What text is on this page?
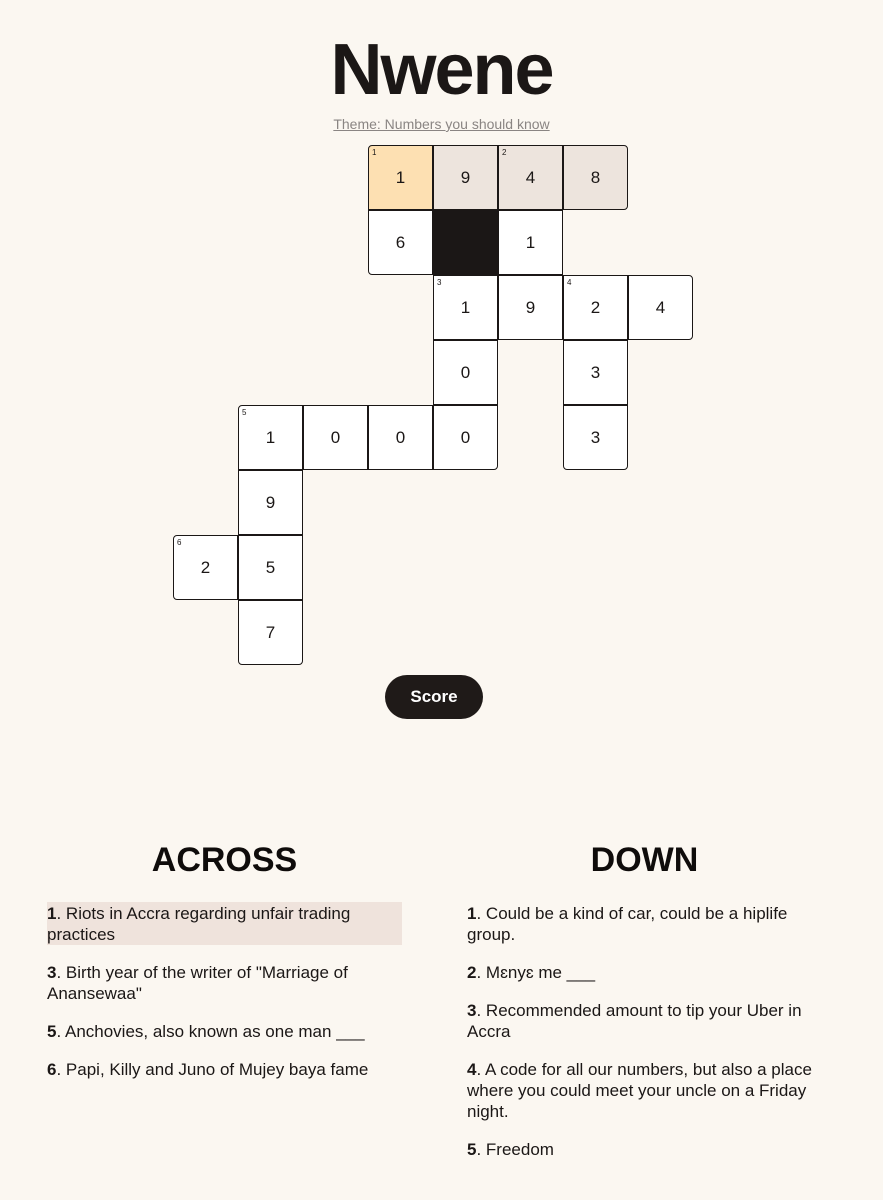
Nwene
Theme: Numbers you should know
1
1	9
2
4	8
6	1
3
1	9
4
2	4
0	3
5
1	0	0	0	3
9
6
2	5
7
Score
ACROSS	DOWN
1. Riots in Accra regarding unfair trading practices
3. Birth year of the writer of "Marriage of Anansewaa"
5. Anchovies, also known as one man ___
6. Papi, Killy and Juno of Mujey baya fame
1. Could be a kind of car, could be a hiplife group.
2. Mɛnyɛ me ___
3. Recommended amount to tip your Uber in Accra
4. A code for all our numbers, but also a place where you could meet your uncle on a Friday night.
5. Freedom
